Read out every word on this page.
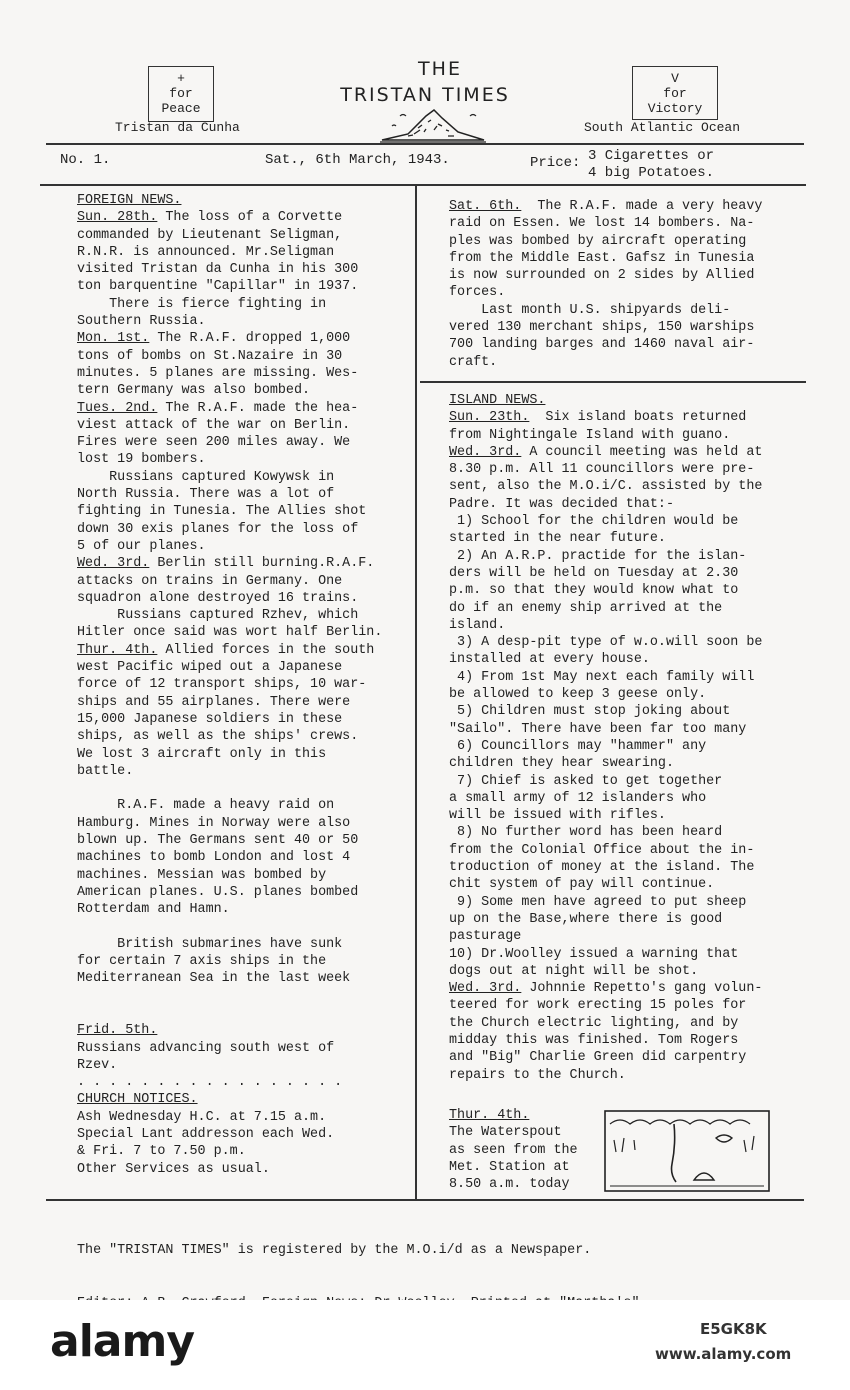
+
for
Peace
V
for
Victory
THE
TRISTAN TIMES
Tristan da Cunha	South Atlantic Ocean
No. 1.	Sat., 6th March, 1943.	Price: 3 Cigarettes or
4 big Potatoes.
FOREIGN NEWS.
Sun. 28th. The loss of a Corvette
commanded by Lieutenant Seligman,
R.N.R. is announced. Mr.Seligman
visited Tristan da Cunha in his 300
ton barquentine "Capillar" in 1937.
There is fierce fighting in
Southern Russia.
Mon. 1st. The R.A.F. dropped 1,000
tons of bombs on St.Nazaire in 30
minutes. 5 planes are missing. Wes-
tern Germany was also bombed.
Tues. 2nd. The R.A.F. made the hea-
viest attack of the war on Berlin.
Fires were seen 200 miles away. We
lost 19 bombers.
Russians captured Kowywsk in
North Russia. There was a lot of
fighting in Tunesia. The Allies shot
down 30 exis planes for the loss of
5 of our planes.
Wed. 3rd. Berlin still burning.R.A.F.
attacks on trains in Germany. One
squadron alone destroyed 16 trains.
Russians captured Rzhev, which
Hitler once said was wort half Berlin.
Thur. 4th. Allied forces in the south
west Pacific wiped out a Japanese
force of 12 transport ships, 10 war-
ships and 55 airplanes. There were
15,000 Japanese soldiers in these
ships, as well as the ships' crews.
We lost 3 aircraft only in this
battle.
R.A.F. made a heavy raid on
Hamburg. Mines in Norway were also
blown up. The Germans sent 40 or 50
machines to bomb London and lost 4
machines. Messian was bombed by
American planes. U.S. planes bombed
Rotterdam and Hamn.
British submarines have sunk
for certain 7 axis ships in the
Mediterranean Sea in the last week
Frid. 5th.
Russians advancing south west of
Rzev.
. . . . . . . . . . . . . . . . .
CHURCH NOTICES.
Ash Wednesday H.C. at 7.15 a.m.
Special Lant addresson each Wed.
& Fri. 7 to 7.50 p.m.
Other Services as usual.
Sat. 6th.  The R.A.F. made a very heavy
raid on Essen. We lost 14 bombers. Na-
ples was bombed by aircraft operating
from the Middle East. Gafsz in Tunesia
is now surrounded on 2 sides by Allied
forces.
Last month U.S. shipyards deli-
vered 130 merchant ships, 150 warships
700 landing barges and 1460 naval air-
craft.
ISLAND NEWS.
Sun. 23th.  Six island boats returned
from Nightingale Island with guano.
Wed. 3rd. A council meeting was held at
8.30 p.m. All 11 councillors were pre-
sent, also the M.O.i/C. assisted by the
Padre. It was decided that:-
1) School for the children would be
started in the near future.
2) An A.R.P. practide for the islan-
ders will be held on Tuesday at 2.30
p.m. so that they would know what to
do if an enemy ship arrived at the
island.
3) A desp-pit type of w.o.will soon be
installed at every house.
4) From 1st May next each family will
be allowed to keep 3 geese only.
5) Children must stop joking about
"Sailo". There have been far too many
6) Councillors may "hammer" any
children they hear swearing.
7) Chief is asked to get together
a small army of 12 islanders who
will be issued with rifles.
8) No further word has been heard
from the Colonial Office about the in-
troduction of money at the island. The
chit system of pay will continue.
9) Some men have agreed to put sheep
up on the Base,where there is good
pasturage
10) Dr.Woolley issued a warning that
dogs out at night will be shot.
Wed. 3rd. Johnnie Repetto's gang volun-
teered for work erecting 15 poles for
the Church electric lighting, and by
midday this was finished. Tom Rogers
and "Big" Charlie Green did carpentry
repairs to the Church.
Thur. 4th.
The Waterspout
as seen from the
Met. Station at
8.50 a.m. today

The "TRISTAN TIMES" is registered by the M.O.i/d as a Newspaper.

alamy	E5GK8K
www.alamy.com
